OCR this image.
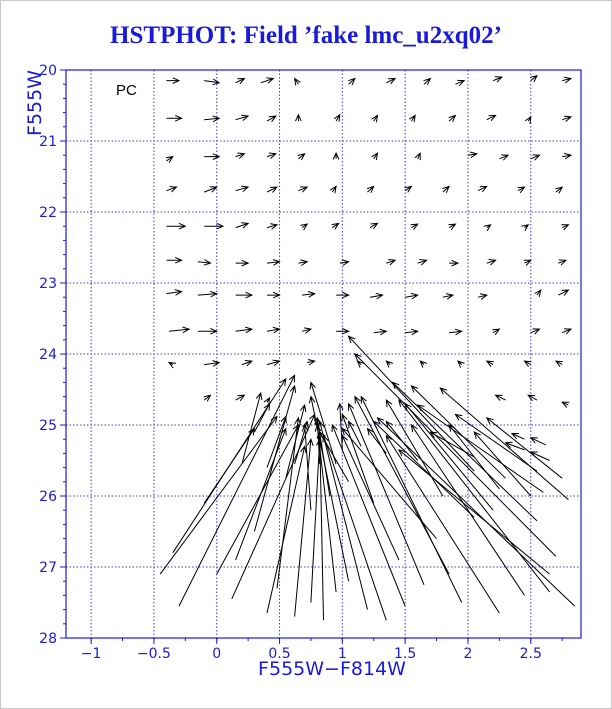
HSTPHOT: Field ’fake lmc_u2xq02’
−1	−0.5	0	0.5	1	1.5	2	2.5
20
21
22
23
24
25
26
27
28
PC
F555W−F814W
F555W
